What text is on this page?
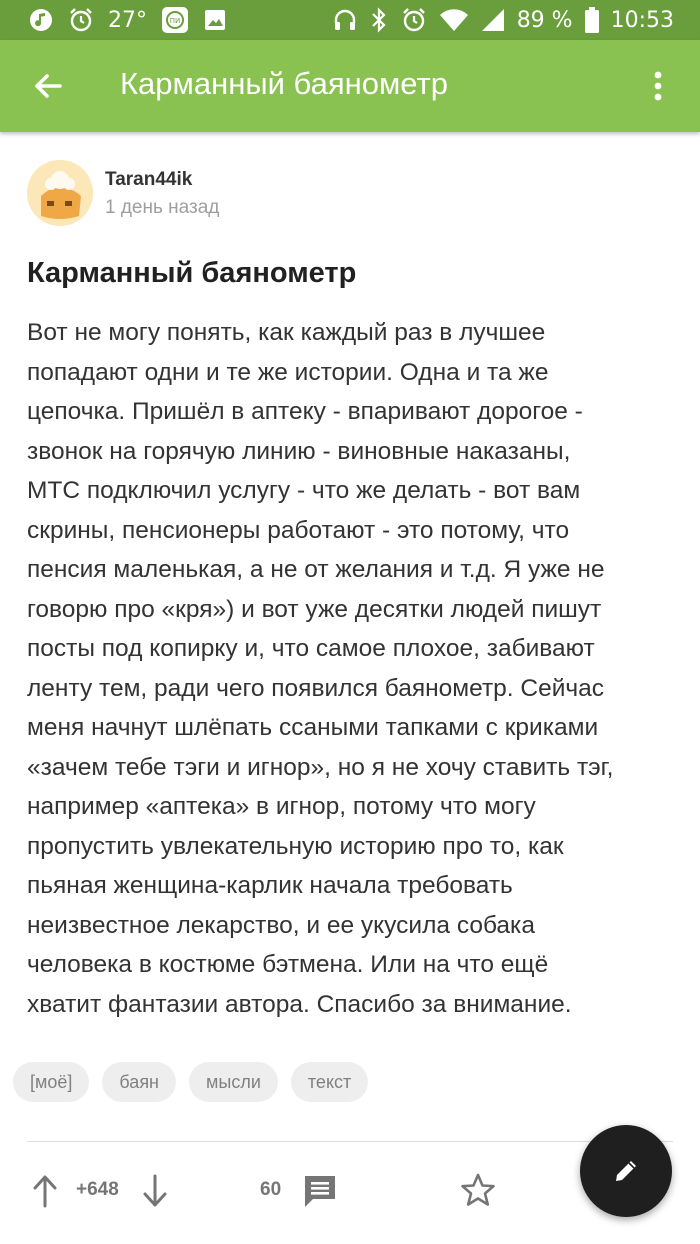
27°	ПИ	89 % 10:53
Карманный баянометр
Taran44ik
1 день назад
Карманный баянометр
Вот не могу понять, как каждый раз в лучшее
попадают одни и те же истории. Одна и та же
цепочка. Пришёл в аптеку - впаривают дорогое -
звонок на горячую линию - виновные наказаны,
МТС подключил услугу - что же делать - вот вам
скрины, пенсионеры работают - это потому, что
пенсия маленькая, а не от желания и т.д. Я уже не
говорю про «кря») и вот уже десятки людей пишут
посты под копирку и, что самое плохое, забивают
ленту тем, ради чего появился баянометр. Сейчас
меня начнут шлёпать ссаными тапками с криками
«зачем тебе тэги и игнор», но я не хочу ставить тэг,
например «аптека» в игнор, потому что могу
пропустить увлекательную историю про то, как
пьяная женщина-карлик начала требовать
неизвестное лекарство, и ее укусила собака
человека в костюме бэтмена. Или на что ещё
хватит фантазии автора. Спасибо за внимание.
[моё]	баян	мысли	текст
+648	60
